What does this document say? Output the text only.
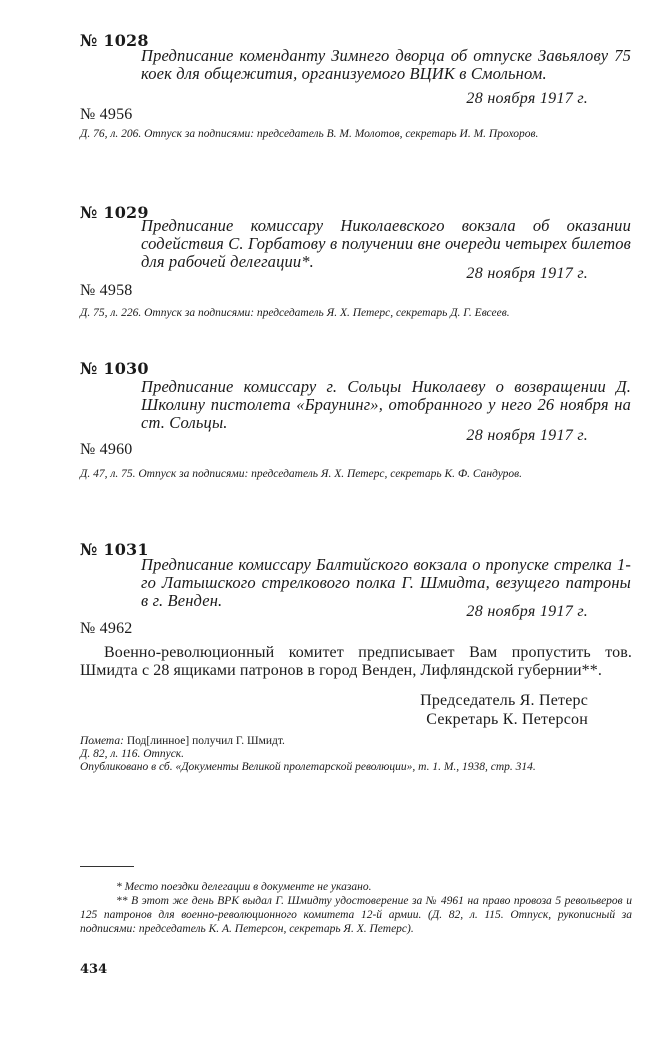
№ 1028
Предписание коменданту Зимнего дворца об отпуске Завьялову 75 коек для общежития, организуемого ВЦИК в Смольном.
28 ноября 1917 г.
№ 4956
Д. 76, л. 206. Отпуск за подписями: председатель В. М. Молотов, секретарь И. М. Прохоров.
№ 1029
Предписание комиссару Николаевского вокзала об оказании содействия С. Горбатову в получении вне очереди четырех билетов для рабочей делегации*.
28 ноября 1917 г.
№ 4958
Д. 75, л. 226. Отпуск за подписями: председатель Я. Х. Петерс, секретарь Д. Г. Евсеев.
№ 1030
Предписание комиссару г. Сольцы Николаеву о возвращении Д. Школину пистолета «Браунинг», отобранного у него 26 ноября на ст. Сольцы.
28 ноября 1917 г.
№ 4960
Д. 47, л. 75. Отпуск за подписями: председатель Я. Х. Петерс, секретарь К. Ф. Сандуров.
№ 1031
Предписание комиссару Балтийского вокзала о пропуске стрелка 1-го Латышского стрелкового полка Г. Шмидта, везущего патроны в г. Венден.
28 ноября 1917 г.
№ 4962
Военно-революционный комитет предписывает Вам пропустить тов. Шмидта с 28 ящиками патронов в город Венден, Лифляндской губернии**.
Председатель Я. Петерс
Секретарь К. Петерсон
Помета: Под[линное] получил Г. Шмидт.
Д. 82, л. 116. Отпуск.
Опубликовано в сб. «Документы Великой пролетарской революции», т. 1. М., 1938, стр. 314.
* Место поездки делегации в документе не указано.
** В этот же день ВРК выдал Г. Шмидту удостоверение за № 4961 на право провоза 5 револьверов и 125 патронов для военно-революционного комитета 12-й армии. (Д. 82, л. 115. Отпуск, рукописный за подписями: председатель К. А. Петерсон, секретарь Я. Х. Петерс).
434
